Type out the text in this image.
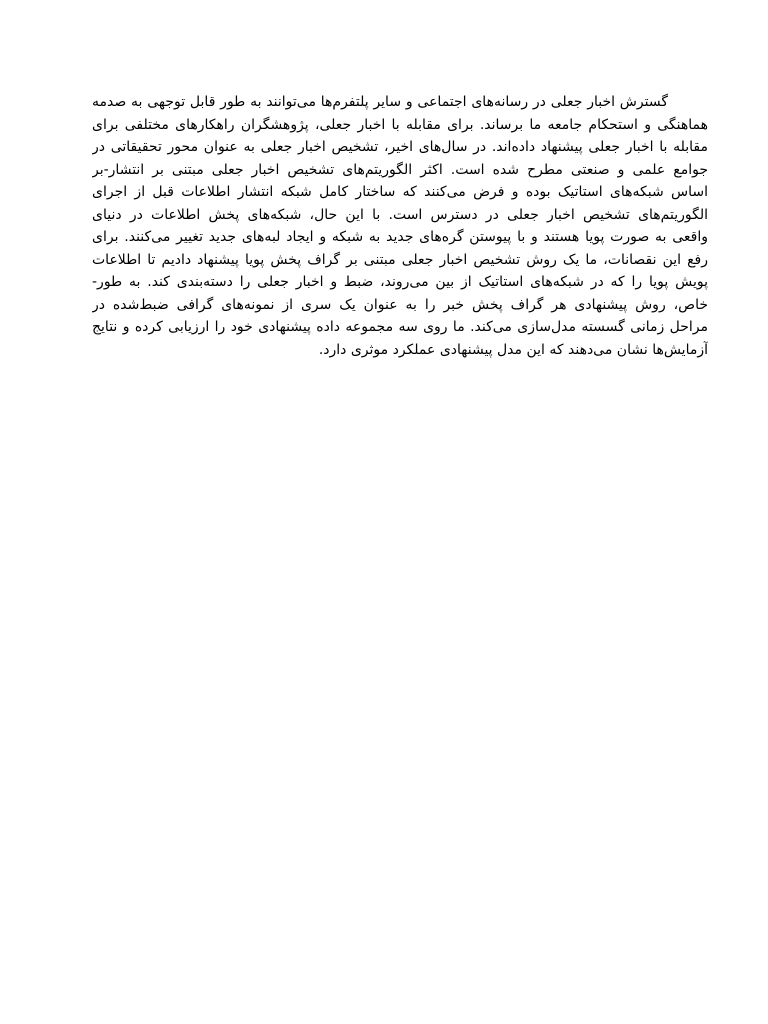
گسترش اخبار جعلی در رسانه‌های اجتماعی و سایر پلتفرم‌ها می‌توانند به طور قابل توجهی به صدمه
هماهنگی و استحکام جامعه ما برساند. برای مقابله با اخبار جعلی، پژوهشگران راهکارهای مختلفی برای
مقابله با اخبار جعلی پیشنهاد داده‌اند. در سال‌های اخیر، تشخیص اخبار جعلی به عنوان محور تحقیقاتی در
جوامع علمی و صنعتی مطرح شده است. اکثر الگوریتم‌های تشخیص اخبار جعلی مبتنی بر انتشار-بر
اساس شبکه‌های استاتیک بوده و فرض می‌کنند که ساختار کامل شبکه انتشار اطلاعات قبل از اجرای
الگوریتم‌های تشخیص اخبار جعلی در دسترس است. با این حال، شبکه‌های پخش اطلاعات در دنیای
واقعی به صورت پویا هستند و با پیوستن گره‌های جدید به شبکه و ایجاد لبه‌های جدید تغییر می‌کنند. برای
رفع این نقصانات، ما یک روش تشخیص اخبار جعلی مبتنی بر گراف پخش پویا پیشنهاد دادیم تا اطلاعات
پویش پویا را که در شبکه‌های استاتیک از بین می‌روند، ضبط و اخبار جعلی را دسته‌بندی کند. به طور-
خاص، روش پیشنهادی هر گراف پخش خبر را به عنوان یک سری از نمونه‌های گرافی ضبط‌شده در
مراحل زمانی گسسته مدل‌سازی می‌کند. ما روی سه مجموعه داده پیشنهادی خود را ارزیابی کرده و نتایج
آزمایش‌ها نشان می‌دهند که این مدل پیشنهادی عملکرد موثری دارد.
